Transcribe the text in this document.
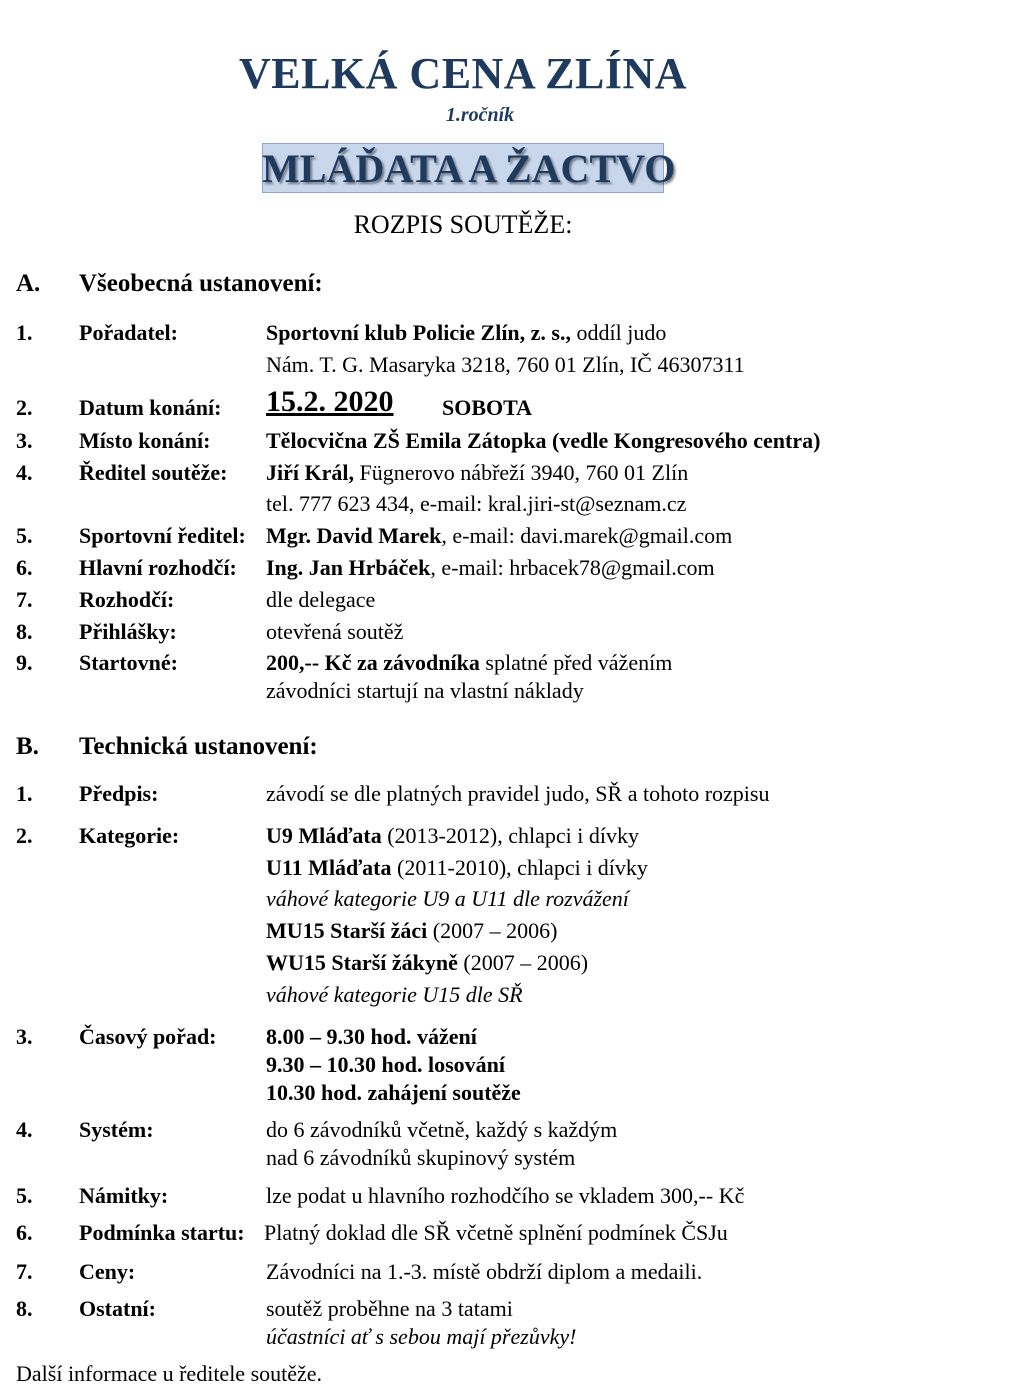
VELKÁ CENA ZLÍNA
1.ročník
MLÁĎATA A ŽACTVO
ROZPIS SOUTĚŽE:
A. Všeobecná ustanovení:
1. Pořadatel:	Sportovní klub Policie Zlín, z. s., oddíl judo
Nám. T. G. Masaryka 3218, 760 01 Zlín, IČ 46307311
2. Datum konání: 15.2. 2020 SOBOTA
3. Místo konání:	Tělocvična ZŠ Emila Zátopka (vedle Kongresového centra)
4. Ředitel soutěže: Jiří Král, Fügnerovo nábřeží 3940, 760 01 Zlín
tel. 777 623 434, e-mail: kral.jiri-st@seznam.cz
5. Sportovní ředitel: Mgr. David Marek, e-mail: davi.marek@gmail.com
6. Hlavní rozhodčí: Ing. Jan Hrbáček, e-mail: hrbacek78@gmail.com
7. Rozhodčí:	dle delegace
8. Přihlášky:	otevřená soutěž
9. Startovné:	200,-- Kč za závodníka splatné před vážením
závodníci startují na vlastní náklady
B. Technická ustanovení:
1. Předpis:	závodí se dle platných pravidel judo, SŘ a tohoto rozpisu
2. Kategorie:	U9 Mláďata (2013-2012), chlapci i dívky
U11 Mláďata (2011-2010), chlapci i dívky
váhové kategorie U9 a U11 dle rozvážení
MU15 Starší žáci (2007 – 2006)
WU15 Starší žákyně (2007 – 2006)
váhové kategorie U15 dle SŘ
3. Časový pořad: 8.00 – 9.30 hod. vážení
9.30 – 10.30 hod. losování
10.30 hod. zahájení soutěže
4. Systém:	do 6 závodníků včetně, každý s každým
nad 6 závodníků skupinový systém
5. Námitky:	lze podat u hlavního rozhodčího se vkladem 300,-- Kč
6. Podmínka startu: Platný doklad dle SŘ včetně splnění podmínek ČSJu
7. Ceny:	Závodníci na 1.-3. místě obdrží diplom a medaili.
8. Ostatní:	soutěž proběhne na 3 tatami
účastníci ať s sebou mají přezůvky!
Další informace u ředitele soutěže.
